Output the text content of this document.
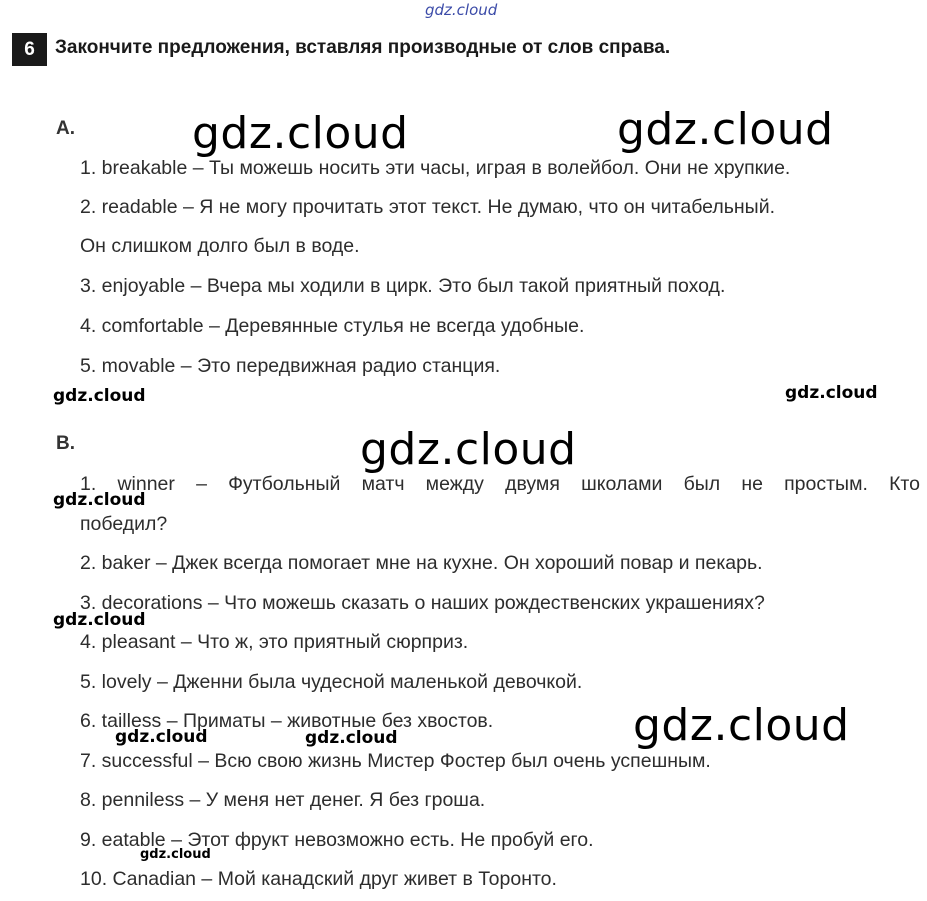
gdz.cloud
gdz.cloud	gdz.cloud
gdz.cloud	gdz.cloud
gdz.cloud
gdz.cloud
gdz.cloud
gdz.cloud
gdz.cloud	gdz.cloud
gdz.cloud
6	Закончите предложения, вставляя производные от слов справа.
A.
1. breakable – Ты можешь носить эти часы, играя в волейбол. Они не хрупкие.
2. readable – Я не могу прочитать этот текст. Не думаю, что он читабельный.
Он слишком долго был в воде.
3. enjoyable – Вчера мы ходили в цирк. Это был такой приятный поход.
4. comfortable – Деревянные стулья не всегда удобные.
5. movable – Это передвижная радио станция.
B.
1. winner – Футбольный матч между двумя школами был не простым. Кто
победил?
2. baker – Джек всегда помогает мне на кухне. Он хороший повар и пекарь.
3. decorations – Что можешь сказать о наших рождественских украшениях?
4. pleasant – Что ж, это приятный сюрприз.
5. lovely – Дженни была чудесной маленькой девочкой.
6. tailless – Приматы – животные без хвостов.
7. successful – Всю свою жизнь Мистер Фостер был очень успешным.
8. penniless – У меня нет денег. Я без гроша.
9. eatable – Этот фрукт невозможно есть. Не пробуй его.
10. Canadian – Мой канадский друг живет в Торонто.
